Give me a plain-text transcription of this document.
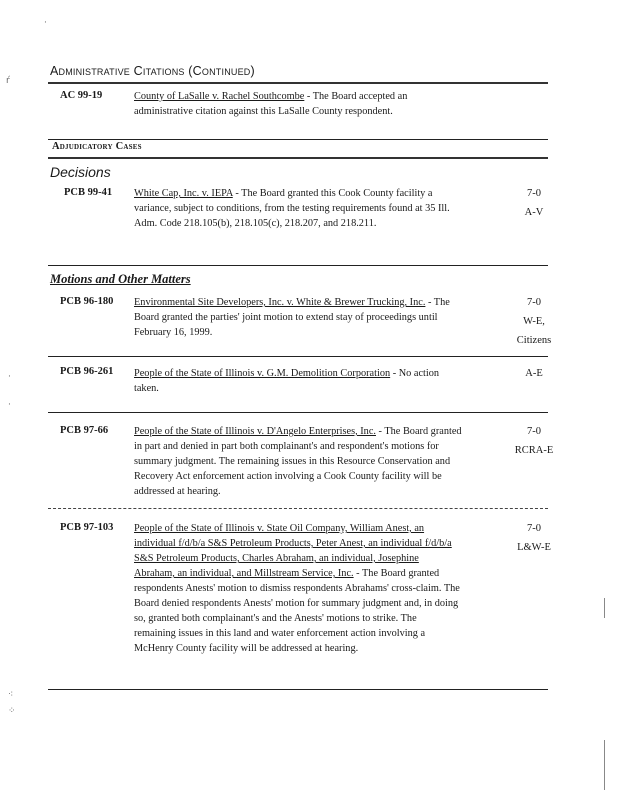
·
ŕ
·
·
⁖
⁘
Administrative Citations (Continued)
AC 99-19	County of LaSalle v. Rachel Southcombe - The Board accepted an administrative citation against this LaSalle County respondent.
Adjudicatory Cases
Decisions
PCB 99-41 White Cap, Inc. v. IEPA - The Board granted this Cook County facility a variance, subject to conditions, from the testing requirements found at 35 Ill. Adm. Code 218.105(b), 218.105(c), 218.207, and 218.211.
7-0
A-V
Motions and Other Matters
PCB 96-180 Environmental Site Developers, Inc. v. White & Brewer Trucking, Inc. - The Board granted the parties' joint motion to extend stay of proceedings until February 16, 1999.
7-0
W-E,
Citizens
PCB 96-261 People of the State of Illinois v. G.M. Demolition Corporation - No action taken.
A-E
PCB 97-66	People of the State of Illinois v. D'Angelo Enterprises, Inc. - The Board granted in part and denied in part both complainant's and respondent's motions for summary judgment. The remaining issues in this Resource Conservation and Recovery Act enforcement action involving a Cook County facility will be addressed at hearing.
7-0
RCRA-E
PCB 97-103 People of the State of Illinois v. State Oil Company, William Anest, an individual f/d/b/a S&S Petroleum Products, Peter Anest, an individual f/d/b/a S&S Petroleum Products, Charles Abraham, an individual, Josephine Abraham, an individual, and Millstream Service, Inc. - The Board granted respondents Anests' motion to dismiss respondents Abrahams' cross-claim. The Board denied respondents Anests' motion for summary judgment and, in doing so, granted both complainant's and the Anests' motions to strike. The remaining issues in this land and water enforcement action involving a McHenry County facility will be addressed at hearing.
7-0
L&W-E
